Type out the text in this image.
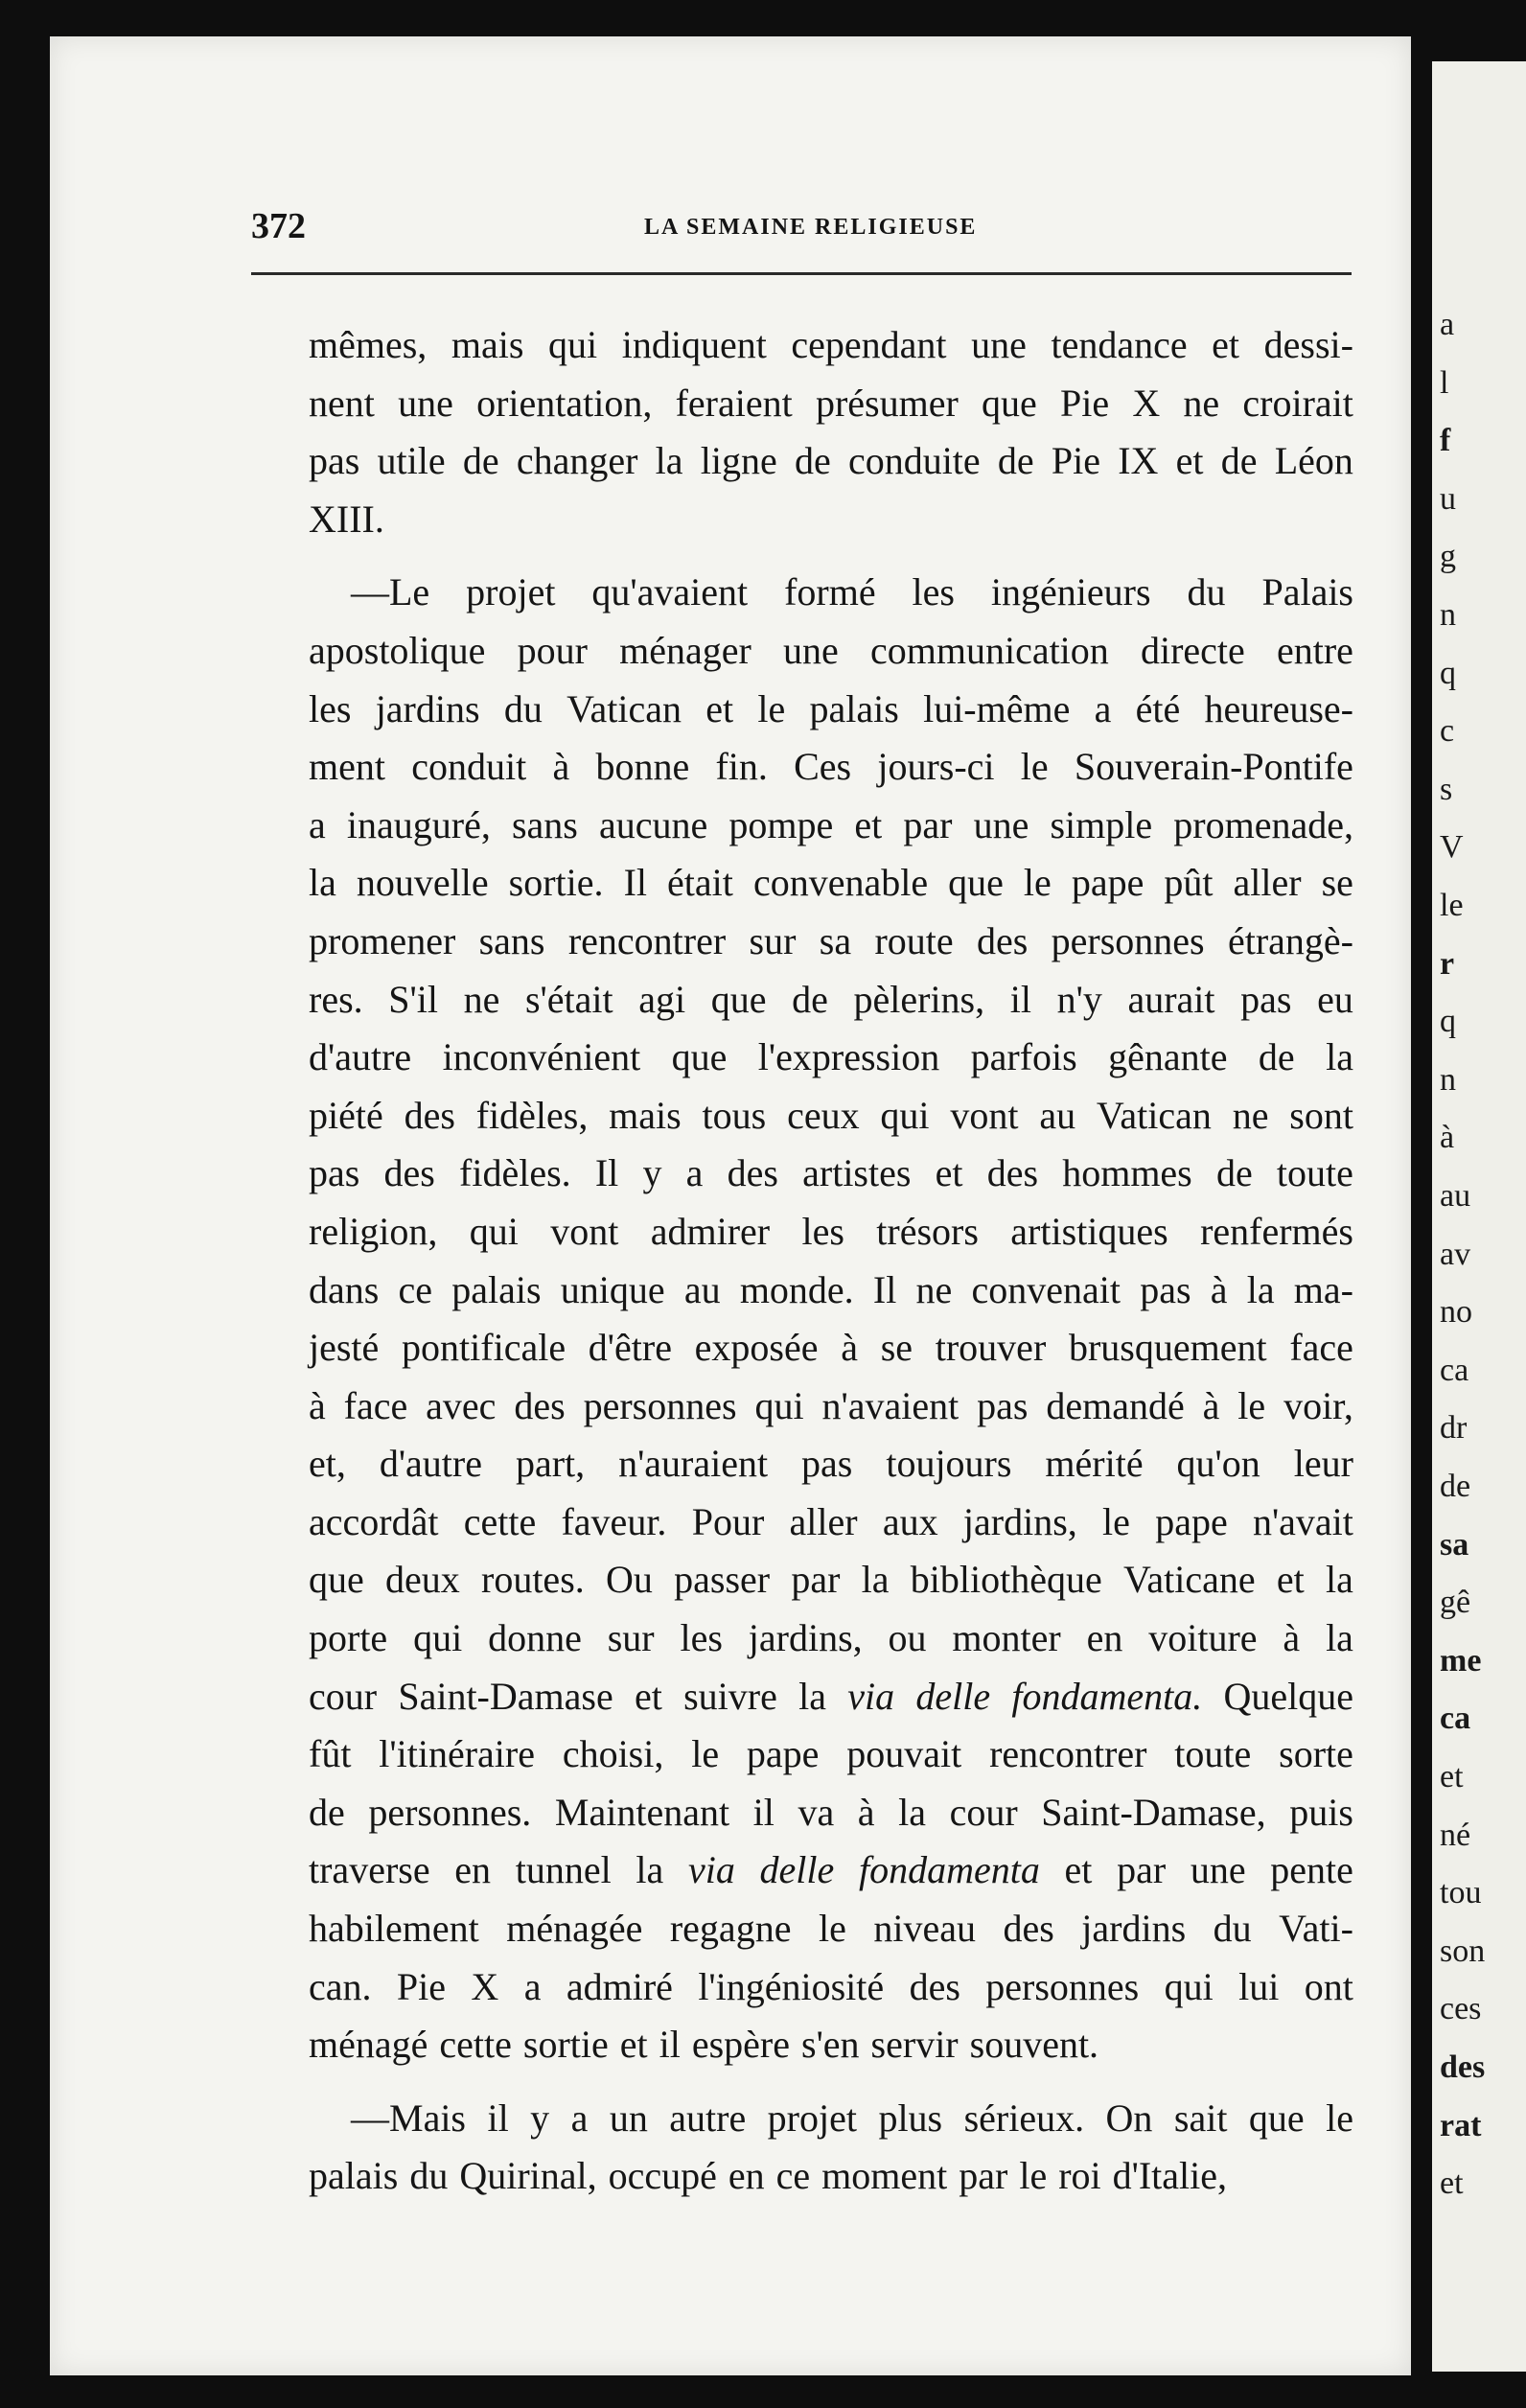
372	LA SEMAINE RELIGIEUSE
mêmes, mais qui indiquent cependant une tendance et dessi-
nent une orientation, feraient présumer que Pie X ne croirait
pas utile de changer la ligne de conduite de Pie IX et de Léon
XIII.
—Le projet qu'avaient formé les ingénieurs du Palais
apostolique pour ménager une communication directe entre
les jardins du Vatican et le palais lui-même a été heureuse-
ment conduit à bonne fin. Ces jours-ci le Souverain-Pontife
a inauguré, sans aucune pompe et par une simple promenade,
la nouvelle sortie. Il était convenable que le pape pût aller se
promener sans rencontrer sur sa route des personnes étrangè-
res. S'il ne s'était agi que de pèlerins, il n'y aurait pas eu
d'autre inconvénient que l'expression parfois gênante de la
piété des fidèles, mais tous ceux qui vont au Vatican ne sont
pas des fidèles. Il y a des artistes et des hommes de toute
religion, qui vont admirer les trésors artistiques renfermés
dans ce palais unique au monde. Il ne convenait pas à la ma-
jesté pontificale d'être exposée à se trouver brusquement face
à face avec des personnes qui n'avaient pas demandé à le voir,
et, d'autre part, n'auraient pas toujours mérité qu'on leur
accordât cette faveur. Pour aller aux jardins, le pape n'avait
que deux routes. Ou passer par la bibliothèque Vaticane et la
porte qui donne sur les jardins, ou monter en voiture à la
cour Saint-Damase et suivre la via delle fondamenta. Quelque
fût l'itinéraire choisi, le pape pouvait rencontrer toute sorte
de personnes. Maintenant il va à la cour Saint-Damase, puis
traverse en tunnel la via delle fondamenta et par une pente
habilement ménagée regagne le niveau des jardins du Vati-
can. Pie X a admiré l'ingéniosité des personnes qui lui ont
ménagé cette sortie et il espère s'en servir souvent.
—Mais il y a un autre projet plus sérieux. On sait que le
palais du Quirinal, occupé en ce moment par le roi d'Italie,
a
l
f
u
g
n
q
c
s
V
le
r
q
n
à
au
av
no
ca
dr
de
sa
gê
me
ca
et
né
tou
son
ces
des
rat
et
